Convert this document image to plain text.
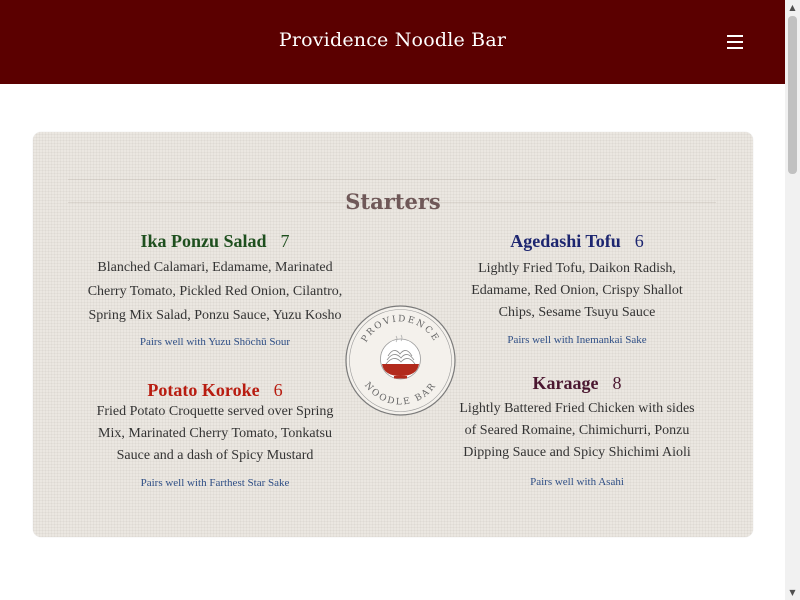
Providence Noodle Bar
Starters
Ika Ponzu Salad 7
Blanched Calamari, Edamame, Marinated
Cherry Tomato, Pickled Red Onion, Cilantro,
Spring Mix Salad, Ponzu Sauce, Yuzu Kosho
Pairs well with Yuzu Shōchū Sour
Agedashi Tofu 6
Lightly Fried Tofu, Daikon Radish,
Edamame, Red Onion, Crispy Shallot
Chips, Sesame Tsuyu Sauce
Pairs well with Inemankai Sake
Potato Koroke 6
Fried Potato Croquette served over Spring
Mix, Marinated Cherry Tomato, Tonkatsu
Sauce and a dash of Spicy Mustard
Pairs well with Farthest Star Sake
Karaage 8
Lightly Battered Fried Chicken with sides
of Seared Romaine, Chimichurri, Ponzu
Dipping Sauce and Spicy Shichimi Aioli
Pairs well with Asahi
PROVIDENCE
NOODLE BAR
▲
▼
